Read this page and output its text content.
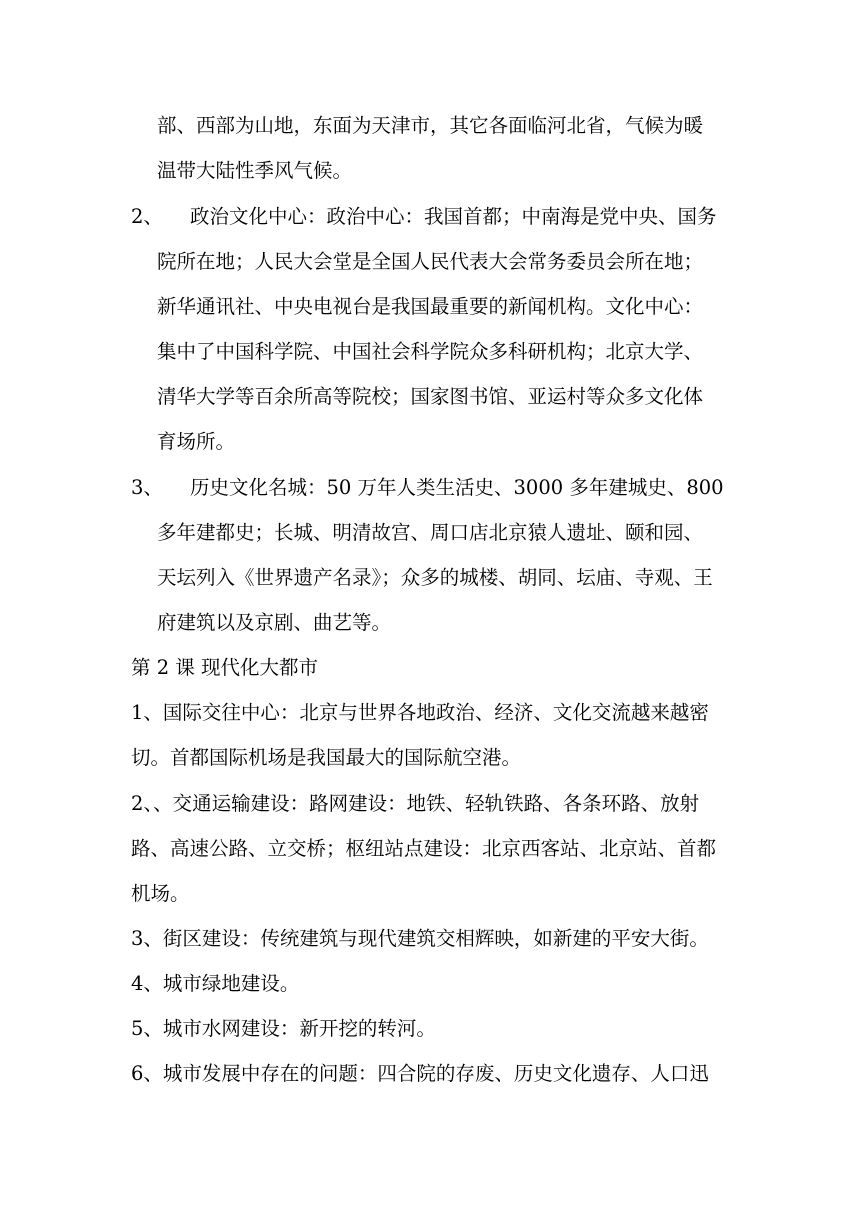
部、西部为山地，东面为天津市，其它各面临河北省，气候为暖

温带大陆性季风气候。

2、 政治文化中心：政治中心：我国首都；中南海是党中央、国务

院所在地；人民大会堂是全国人民代表大会常务委员会所在地；

新华通讯社、中央电视台是我国最重要的新闻机构。文化中心：

集中了中国科学院、中国社会科学院众多科研机构；北京大学、

清华大学等百余所高等院校；国家图书馆、亚运村等众多文化体

育场所。

3、 历史文化名城：50 万年人类生活史、3000 多年建城史、800

多年建都史；长城、明清故宫、周口店北京猿人遗址、颐和园、

天坛列入《世界遗产名录》；众多的城楼、胡同、坛庙、寺观、王

府建筑以及京剧、曲艺等。

第 2 课 现代化大都市

1、国际交往中心：北京与世界各地政治、经济、文化交流越来越密

切。首都国际机场是我国最大的国际航空港。

2、、交通运输建设：路网建设：地铁、轻轨铁路、各条环路、放射

路、高速公路、立交桥；枢纽站点建设：北京西客站、北京站、首都

机场。

3、街区建设：传统建筑与现代建筑交相辉映，如新建的平安大街。

4、城市绿地建设。

5、城市水网建设：新开挖的转河。

6、城市发展中存在的问题：四合院的存废、历史文化遗存、人口迅
